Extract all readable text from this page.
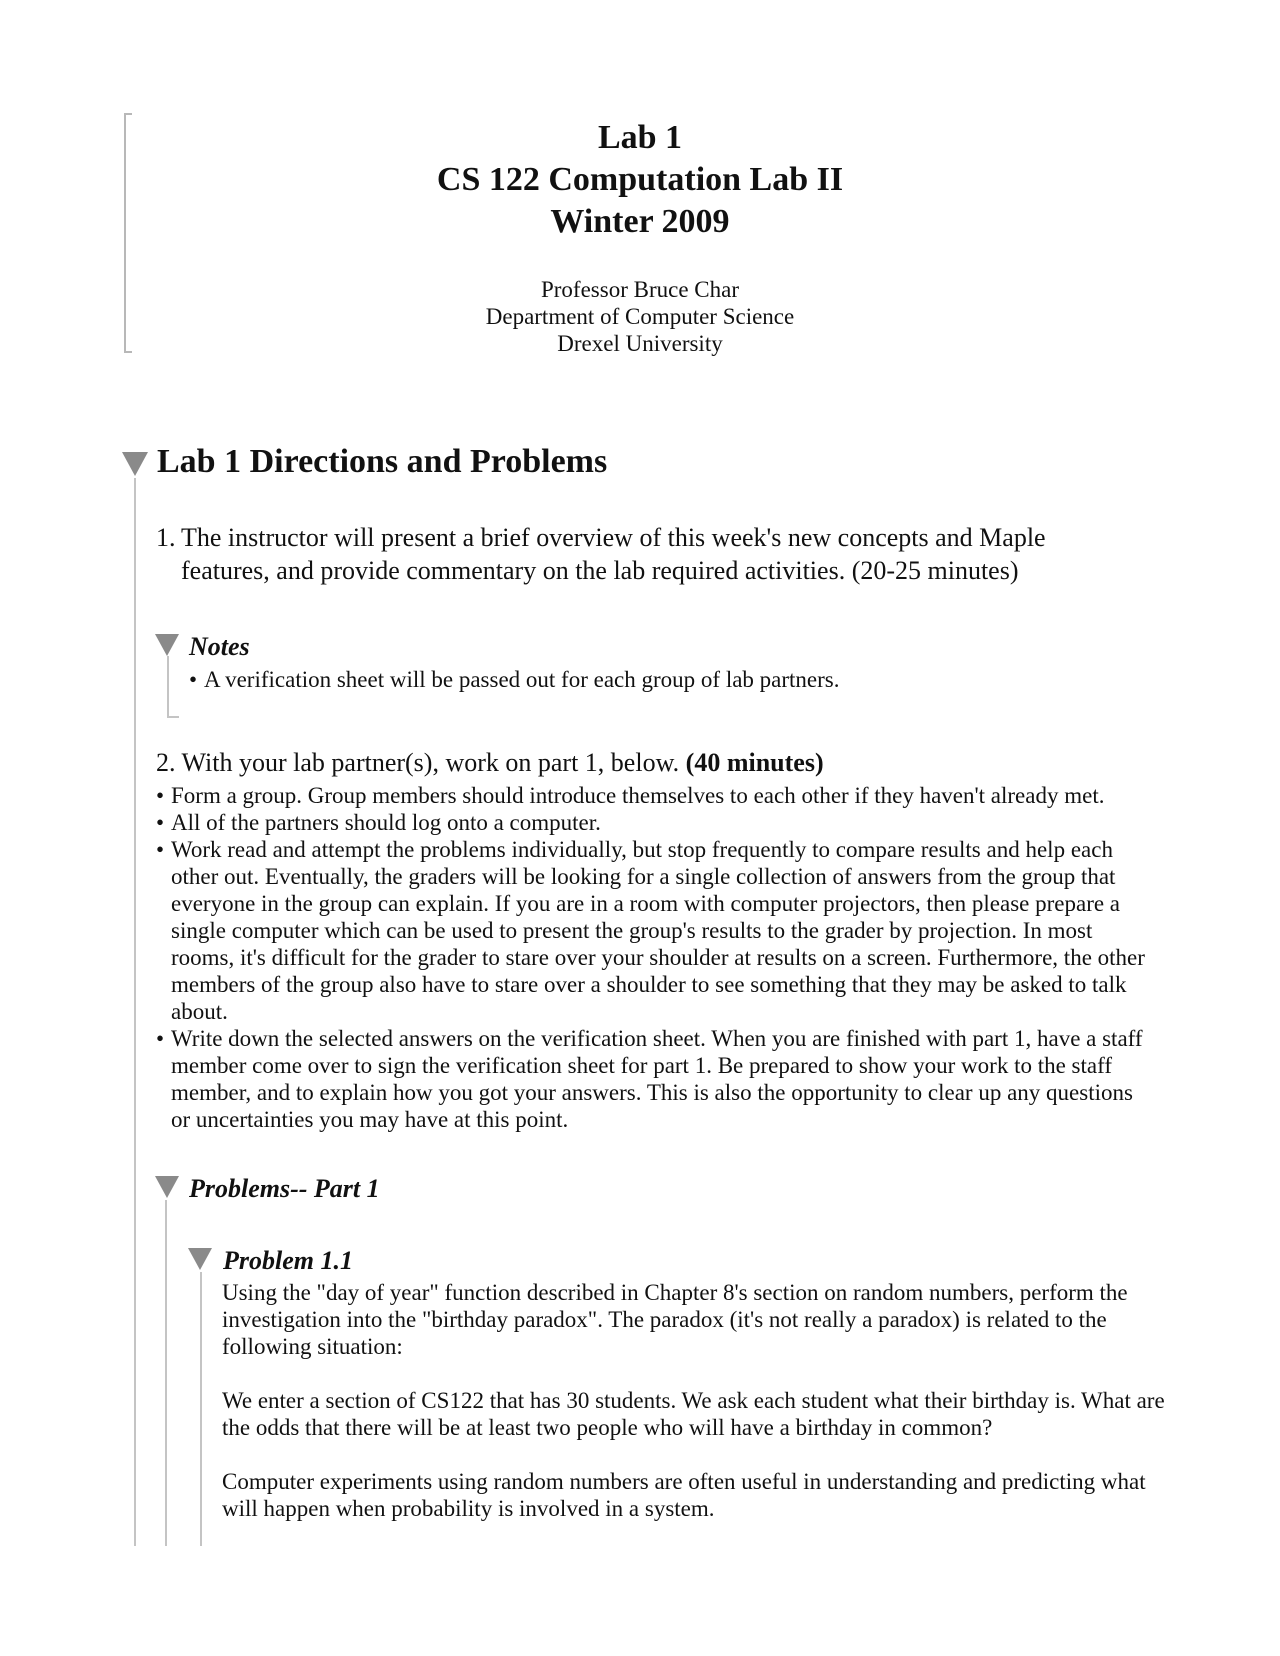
Lab 1
CS 122 Computation Lab II
Winter 2009

Professor Bruce Char

Department of Computer Science

Drexel University

Lab 1 Directions and Problems
1. The instructor will present a brief overview of this week's new concepts and Maple features, and provide commentary on the lab required activities. (20-25 minutes)

Notes

• A verification sheet will be passed out for each group of lab partners.

2. With your lab partner(s), work on part 1, below. (40 minutes)

• Form a group. Group members should introduce themselves to each other if they haven't already met.
• All of the partners should log onto a computer.
• Work read and attempt the problems individually, but stop frequently to compare results and help each other out. Eventually, the graders will be looking for a single collection of answers from the group that everyone in the group can explain. If you are in a room with computer projectors, then please prepare a single computer which can be used to present the group's results to the grader by projection. In most rooms, it's difficult for the grader to stare over your shoulder at results on a screen. Furthermore, the other members of the group also have to stare over a shoulder to see something that they may be asked to talk about.
• Write down the selected answers on the verification sheet. When you are finished with part 1, have a staff member come over to sign the verification sheet for part 1. Be prepared to show your work to the staff member, and to explain how you got your answers. This is also the opportunity to clear up any questions or uncertainties you may have at this point.

Problems-- Part 1

Problem 1.1

Using the "day of year" function described in Chapter 8's section on random numbers, perform the investigation into the "birthday paradox". The paradox (it's not really a paradox) is related to the following situation:

We enter a section of CS122 that has 30 students. We ask each student what their birthday is. What are the odds that there will be at least two people who will have a birthday in common?

Computer experiments using random numbers are often useful in understanding and predicting what will happen when probability is involved in a system.
